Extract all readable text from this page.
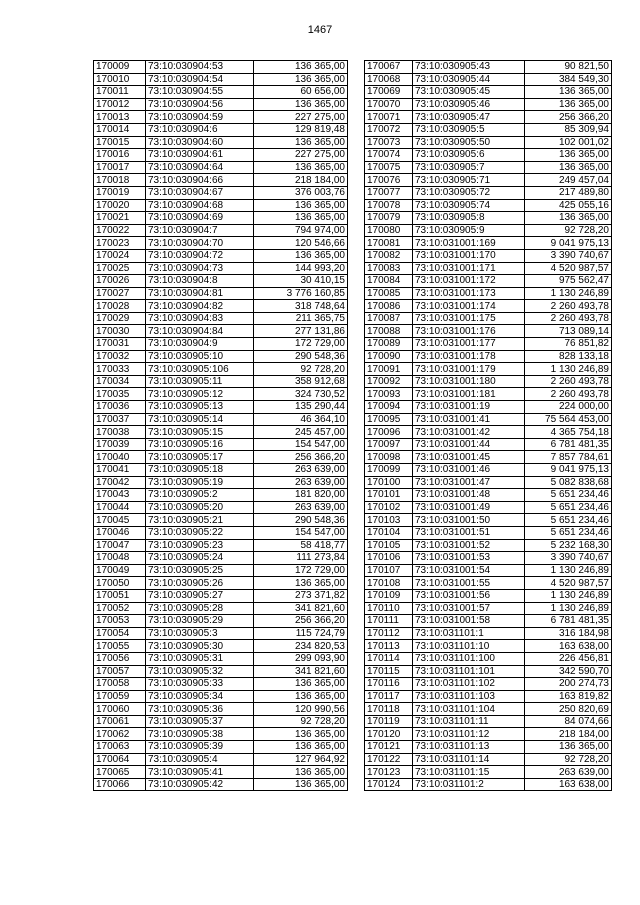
1467
170009	73:10:030904:53	136 365,00
170010	73:10:030904:54	136 365,00
170011	73:10:030904:55	60 656,00
170012	73:10:030904:56	136 365,00
170013	73:10:030904:59	227 275,00
170014	73:10:030904:6	129 819,48
170015	73:10:030904:60	136 365,00
170016	73:10:030904:61	227 275,00
170017	73:10:030904:64	136 365,00
170018	73:10:030904:66	218 184,00
170019	73:10:030904:67	376 003,76
170020	73:10:030904:68	136 365,00
170021	73:10:030904:69	136 365,00
170022	73:10:030904:7	794 974,00
170023	73:10:030904:70	120 546,66
170024	73:10:030904:72	136 365,00
170025	73:10:030904:73	144 993,20
170026	73:10:030904:8	30 410,15
170027	73:10:030904:81	3 776 160,85
170028	73:10:030904:82	318 748,64
170029	73:10:030904:83	211 365,75
170030	73:10:030904:84	277 131,86
170031	73:10:030904:9	172 729,00
170032	73:10:030905:10	290 548,36
170033	73:10:030905:106	92 728,20
170034	73:10:030905:11	358 912,68
170035	73:10:030905:12	324 730,52
170036	73:10:030905:13	135 290,44
170037	73:10:030905:14	46 364,10
170038	73:10:030905:15	245 457,00
170039	73:10:030905:16	154 547,00
170040	73:10:030905:17	256 366,20
170041	73:10:030905:18	263 639,00
170042	73:10:030905:19	263 639,00
170043	73:10:030905:2	181 820,00
170044	73:10:030905:20	263 639,00
170045	73:10:030905:21	290 548,36
170046	73:10:030905:22	154 547,00
170047	73:10:030905:23	58 418,77
170048	73:10:030905:24	111 273,84
170049	73:10:030905:25	172 729,00
170050	73:10:030905:26	136 365,00
170051	73:10:030905:27	273 371,82
170052	73:10:030905:28	341 821,60
170053	73:10:030905:29	256 366,20
170054	73:10:030905:3	115 724,79
170055	73:10:030905:30	234 820,53
170056	73:10:030905:31	299 093,90
170057	73:10:030905:32	341 821,60
170058	73:10:030905:33	136 365,00
170059	73:10:030905:34	136 365,00
170060	73:10:030905:36	120 990,56
170061	73:10:030905:37	92 728,20
170062	73:10:030905:38	136 365,00
170063	73:10:030905:39	136 365,00
170064	73:10:030905:4	127 964,92
170065	73:10:030905:41	136 365,00
170066	73:10:030905:42	136 365,00
170067	73:10:030905:43	90 821,50
170068	73:10:030905:44	384 549,30
170069	73:10:030905:45	136 365,00
170070	73:10:030905:46	136 365,00
170071	73:10:030905:47	256 366,20
170072	73:10:030905:5	85 309,94
170073	73:10:030905:50	102 001,02
170074	73:10:030905:6	136 365,00
170075	73:10:030905:7	136 365,00
170076	73:10:030905:71	249 457,04
170077	73:10:030905:72	217 489,80
170078	73:10:030905:74	425 055,16
170079	73:10:030905:8	136 365,00
170080	73:10:030905:9	92 728,20
170081	73:10:031001:169	9 041 975,13
170082	73:10:031001:170	3 390 740,67
170083	73:10:031001:171	4 520 987,57
170084	73:10:031001:172	975 562,47
170085	73:10:031001:173	1 130 246,89
170086	73:10:031001:174	2 260 493,78
170087	73:10:031001:175	2 260 493,78
170088	73:10:031001:176	713 089,14
170089	73:10:031001:177	76 851,82
170090	73:10:031001:178	828 133,18
170091	73:10:031001:179	1 130 246,89
170092	73:10:031001:180	2 260 493,78
170093	73:10:031001:181	2 260 493,78
170094	73:10:031001:19	224 000,00
170095	73:10:031001:41	75 564 453,00
170096	73:10:031001:42	4 365 754,18
170097	73:10:031001:44	6 781 481,35
170098	73:10:031001:45	7 857 784,61
170099	73:10:031001:46	9 041 975,13
170100	73:10:031001:47	5 082 838,68
170101	73:10:031001:48	5 651 234,46
170102	73:10:031001:49	5 651 234,46
170103	73:10:031001:50	5 651 234,46
170104	73:10:031001:51	5 651 234,46
170105	73:10:031001:52	5 232 168,30
170106	73:10:031001:53	3 390 740,67
170107	73:10:031001:54	1 130 246,89
170108	73:10:031001:55	4 520 987,57
170109	73:10:031001:56	1 130 246,89
170110	73:10:031001:57	1 130 246,89
170111	73:10:031001:58	6 781 481,35
170112	73:10:031101:1	316 184,98
170113	73:10:031101:10	163 638,00
170114	73:10:031101:100	226 456,81
170115	73:10:031101:101	342 590,70
170116	73:10:031101:102	200 274,73
170117	73:10:031101:103	163 819,82
170118	73:10:031101:104	250 820,69
170119	73:10:031101:11	84 074,66
170120	73:10:031101:12	218 184,00
170121	73:10:031101:13	136 365,00
170122	73:10:031101:14	92 728,20
170123	73:10:031101:15	263 639,00
170124	73:10:031101:2	163 638,00
